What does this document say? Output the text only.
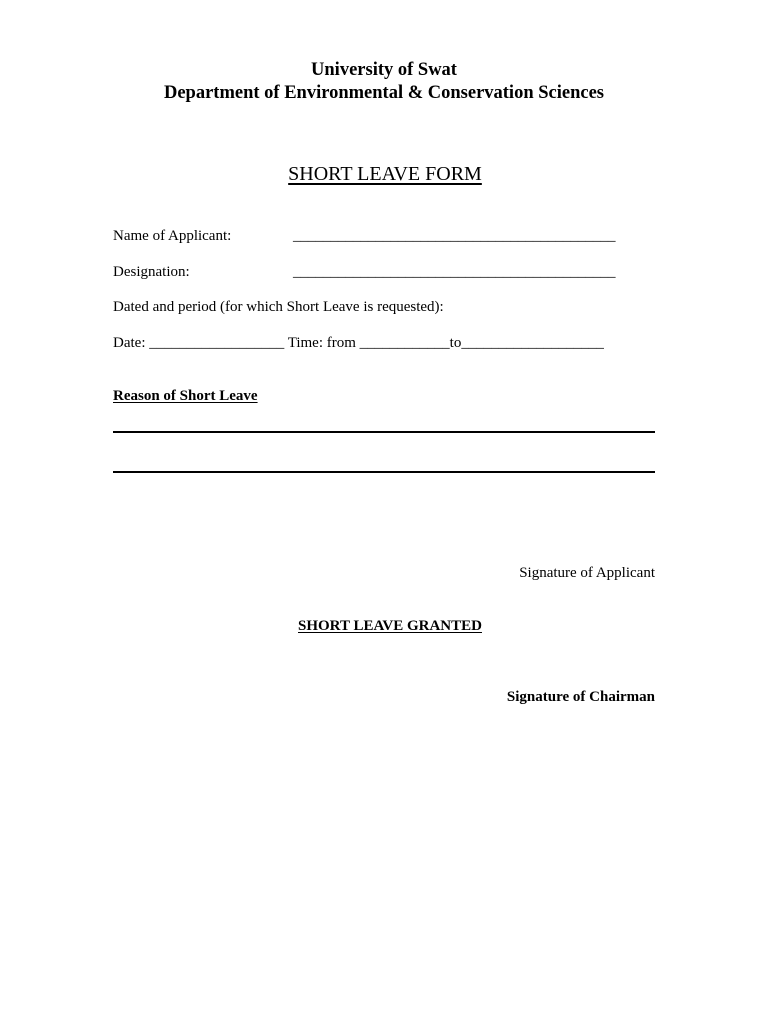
University of Swat
Department of Environmental & Conservation Sciences
SHORT LEAVE FORM
Name of Applicant:	___________________________________________
Designation:	___________________________________________
Dated and period (for which Short Leave is requested):
Date: __________________ Time: from ____________to___________________
Reason of Short Leave
Signature of Applicant
SHORT LEAVE GRANTED
Signature of Chairman
